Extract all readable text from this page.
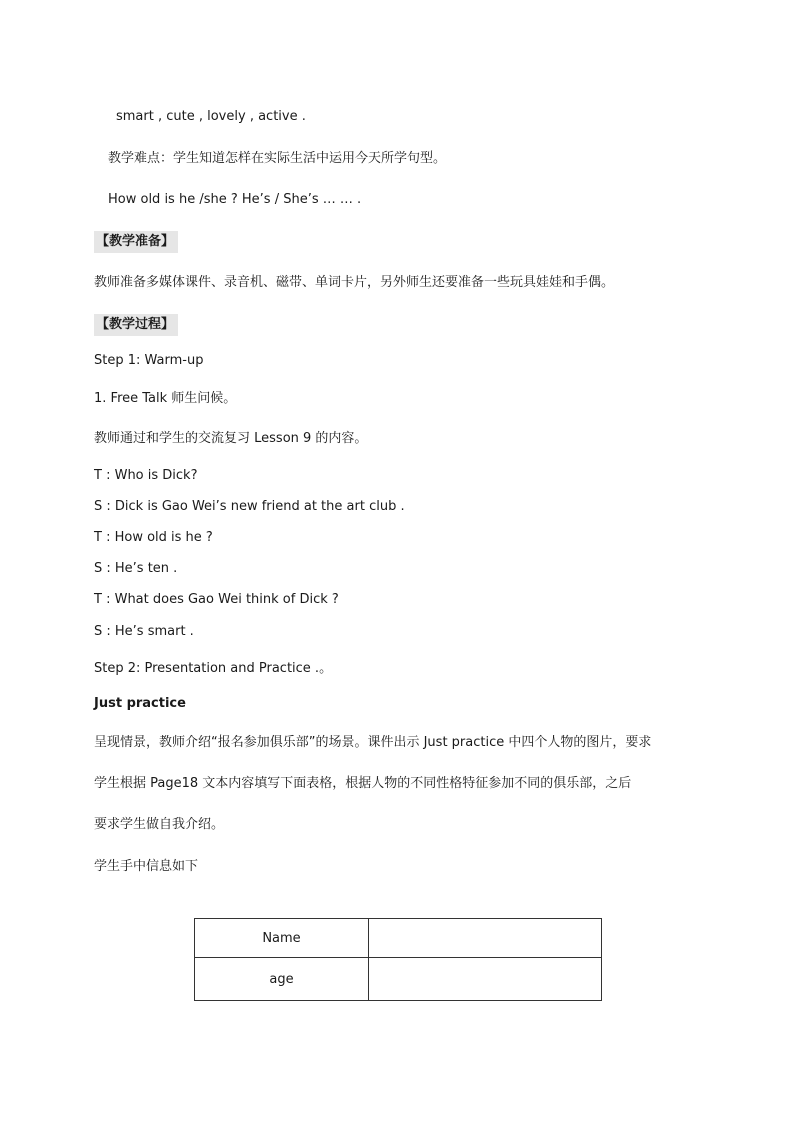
smart , cute , lovely , active .
教学难点：学生知道怎样在实际生活中运用今天所学句型。
How old is he /she ? He’s / She’s … … .
【教学准备】
教师准备多媒体课件、录音机、磁带、单词卡片，另外师生还要准备一些玩具娃娃和手偶。
【教学过程】
Step 1: Warm-up
1. Free Talk 师生问候。
教师通过和学生的交流复习 Lesson 9 的内容。
T : Who is Dick?
S : Dick is Gao Wei’s new friend at the art club .
T : How old is he ?
S : He’s ten .
T : What does Gao Wei think of Dick ?
S : He’s smart .
Step 2: Presentation and Practice .。
Just practice
呈现情景，教师介绍“报名参加俱乐部”的场景。课件出示 Just practice 中四个人物的图片，要求
学生根据 Page18 文本内容填写下面表格，根据人物的不同性格特征参加不同的俱乐部，之后
要求学生做自我介绍。
学生手中信息如下
Name	
age	
